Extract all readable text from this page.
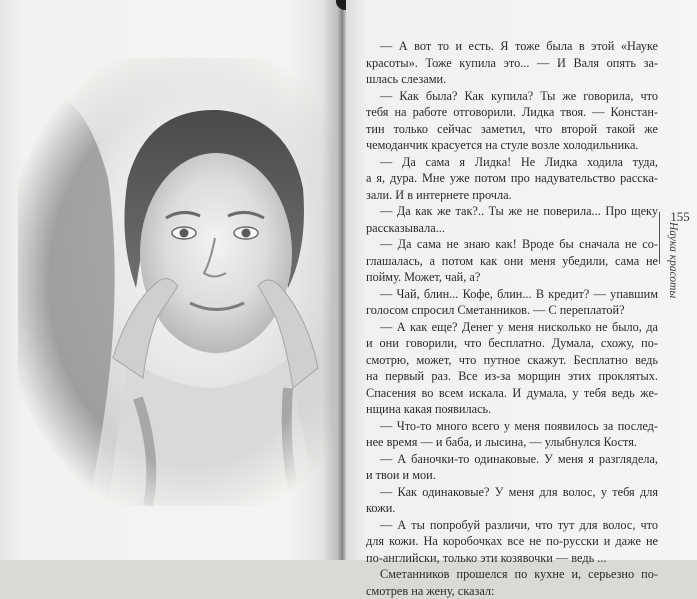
— А вот то и есть. Я тоже была в этой «Науке
красоты». Тоже купила это... — И Валя опять за-
шлась слезами.
— Как была? Как купила? Ты же говорила, что
тебя на работе отговорили. Лидка твоя. — Констан-
тин только сейчас заметил, что второй такой же
чемоданчик красуется на стуле возле холодильника.
— Да сама я Лидка! Не Лидка ходила туда,
а я, дура. Мне уже потом про надувательство расска-
зали. И в интернете прочла.
— Да как же так?.. Ты же не поверила... Про щеку
рассказывала...
— Да сама не знаю как! Вроде бы сначала не со-
глашалась, а потом как они меня убедили, сама не
пойму. Может, чай, а?
— Чай, блин... Кофе, блин... В кредит? — упавшим
голосом спросил Сметанников. — С переплатой?
— А как еще? Денег у меня нисколько не было, да
и они говорили, что бесплатно. Думала, схожу, по-
смотрю, может, что путное скажут. Бесплатно ведь
на первый раз. Все из-за морщин этих проклятых.
Спасения во всем искала. И думала, у тебя ведь же-
нщина какая появилась.
— Что-то много всего у меня появилось за послед-
нее время — и баба, и лысина, — улыбнулся Костя.
— А баночки-то одинаковые. У меня я разглядела,
и твои и мои.
— Как одинаковые? У меня для волос, у тебя для
кожи.
— А ты попробуй различи, что тут для волос, что
для кожи. На коробочках все не по-русски и даже не
по-английски, только эти козявочки — ведь ...
Сметанников прошелся по кухне и, серьезно по-
смотрев на жену, сказал:
155
Наука красоты
